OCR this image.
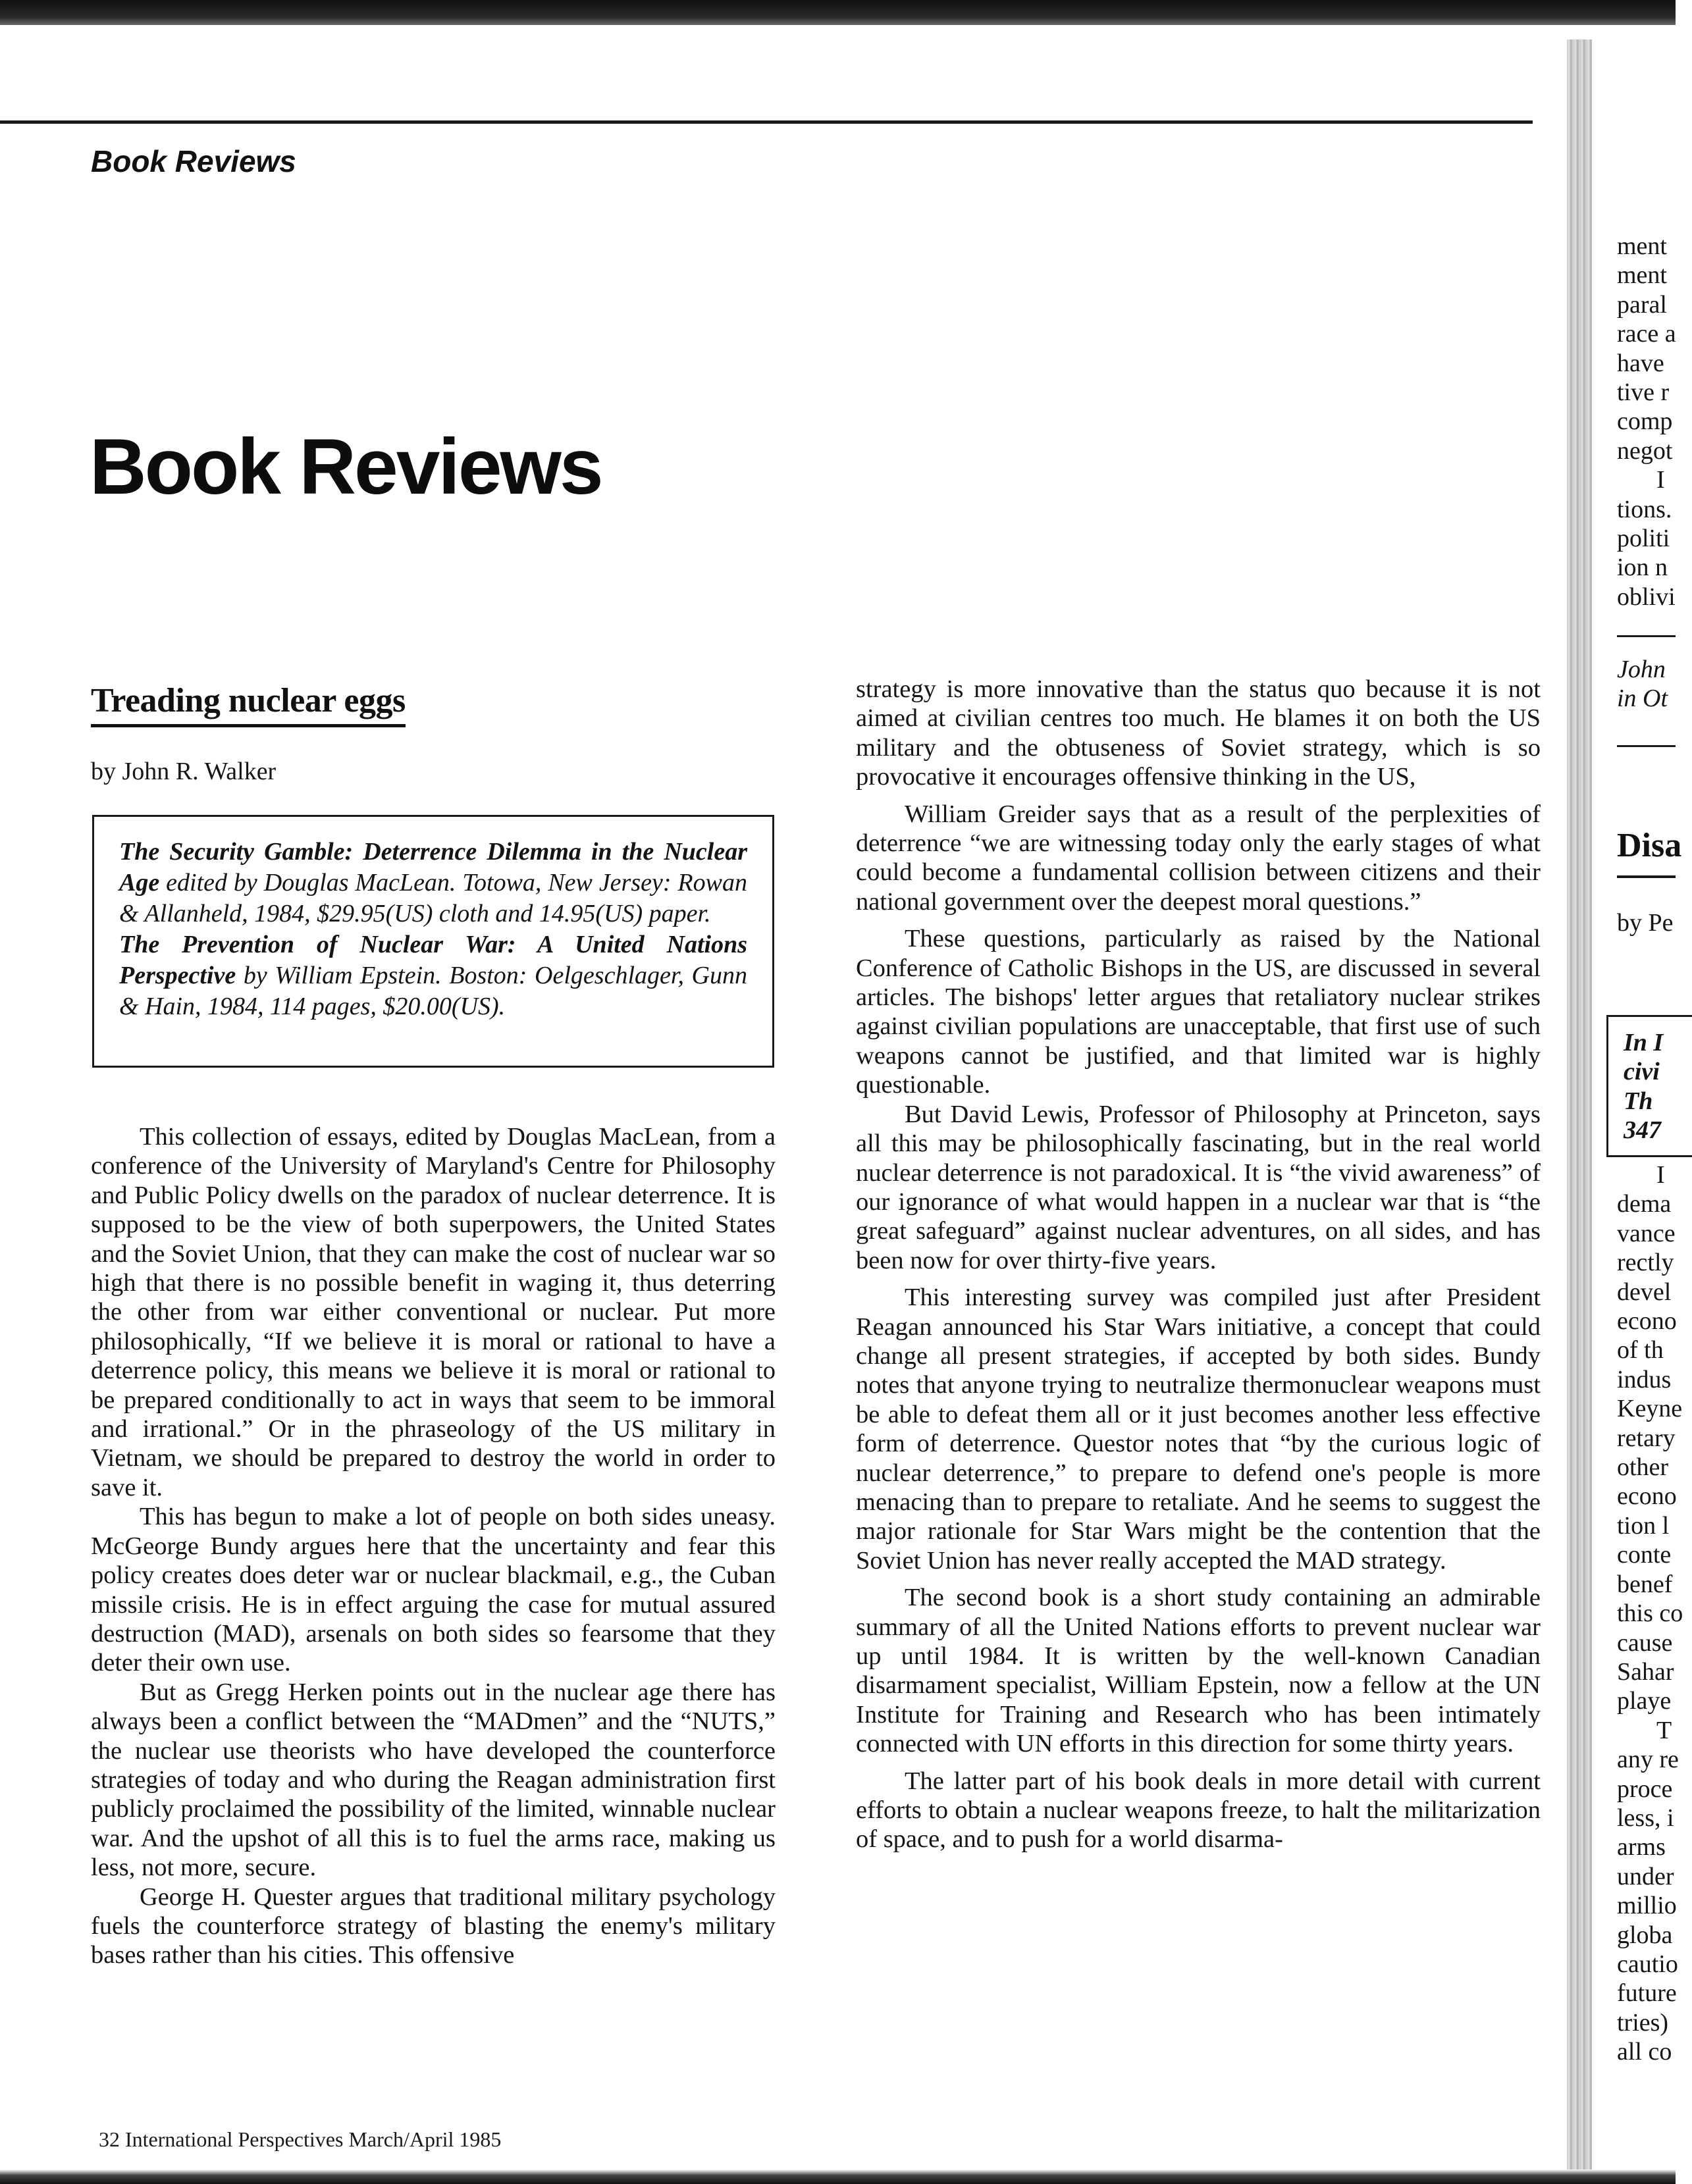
Book Reviews
Book Reviews
Treading nuclear eggs
by John R. Walker
The Security Gamble: Deterrence Dilemma in the Nuclear Age edited by Douglas MacLean. Totowa, New Jersey: Rowan & Allanheld, 1984, $29.95(US) cloth and 14.95(US) paper.
The Prevention of Nuclear War: A United Nations Perspective by William Epstein. Boston: Oelgeschlager, Gunn & Hain, 1984, 114 pages, $20.00(US).

This collection of essays, edited by Douglas MacLean, from a conference of the University of Maryland's Centre for Philosophy and Public Policy dwells on the paradox of nuclear deterrence. It is supposed to be the view of both superpowers, the United States and the Soviet Union, that they can make the cost of nuclear war so high that there is no possible benefit in waging it, thus deterring the other from war either conventional or nuclear. Put more philosophically, “If we believe it is moral or rational to have a deterrence policy, this means we believe it is moral or rational to be prepared conditionally to act in ways that seem to be immoral and irrational.” Or in the phraseology of the US military in Vietnam, we should be prepared to destroy the world in order to save it.

This has begun to make a lot of people on both sides uneasy. McGeorge Bundy argues here that the uncertainty and fear this policy creates does deter war or nuclear blackmail, e.g., the Cuban missile crisis. He is in effect arguing the case for mutual assured destruction (MAD), arsenals on both sides so fearsome that they deter their own use.

But as Gregg Herken points out in the nuclear age there has always been a conflict between the “MADmen” and the “NUTS,” the nuclear use theorists who have developed the counterforce strategies of today and who during the Reagan administration first publicly proclaimed the possibility of the limited, winnable nuclear war. And the upshot of all this is to fuel the arms race, making us less, not more, secure.

George H. Quester argues that traditional military psychology fuels the counterforce strategy of blasting the enemy's military bases rather than his cities. This offensive

strategy is more innovative than the status quo because it is not aimed at civilian centres too much. He blames it on both the US military and the obtuseness of Soviet strategy, which is so provocative it encourages offensive thinking in the US,

William Greider says that as a result of the perplexities of deterrence “we are witnessing today only the early stages of what could become a fundamental collision between citizens and their national government over the deepest moral questions.”

These questions, particularly as raised by the National Conference of Catholic Bishops in the US, are discussed in several articles. The bishops' letter argues that retaliatory nuclear strikes against civilian populations are unacceptable, that first use of such weapons cannot be justified, and that limited war is highly questionable.

But David Lewis, Professor of Philosophy at Princeton, says all this may be philosophically fascinating, but in the real world nuclear deterrence is not paradoxical. It is “the vivid awareness” of our ignorance of what would happen in a nuclear war that is “the great safeguard” against nuclear adventures, on all sides, and has been now for over thirty-five years.

This interesting survey was compiled just after President Reagan announced his Star Wars initiative, a concept that could change all present strategies, if accepted by both sides. Bundy notes that anyone trying to neutralize thermonuclear weapons must be able to defeat them all or it just becomes another less effective form of deterrence. Questor notes that “by the curious logic of nuclear deterrence,” to prepare to defend one's people is more menacing than to prepare to retaliate. And he seems to suggest the major rationale for Star Wars might be the contention that the Soviet Union has never really accepted the MAD strategy.

The second book is a short study containing an admirable summary of all the United Nations efforts to prevent nuclear war up until 1984. It is written by the well-known Canadian disarmament specialist, William Epstein, now a fellow at the UN Institute for Training and Research who has been intimately connected with UN efforts in this direction for some thirty years.

The latter part of his book deals in more detail with current efforts to obtain a nuclear weapons freeze, to halt the militarization of space, and to push for a world disarma-

32 International Perspectives March/April 1985
ment
ment
paral
race a
have
tive r
comp
negot
I
tions.
politi
ion n
oblivi
John
in Ot
Disa
by Pe
In I
civi
Th
347
I
dema
vance
rectly
devel
econo
of th
indus
Keyne
retary
other
econo
tion l
conte
benef
this co
cause
Sahar
playe
T
any re
proce
less, i
arms
under
millio
globa
cautio
future
tries)
all co
